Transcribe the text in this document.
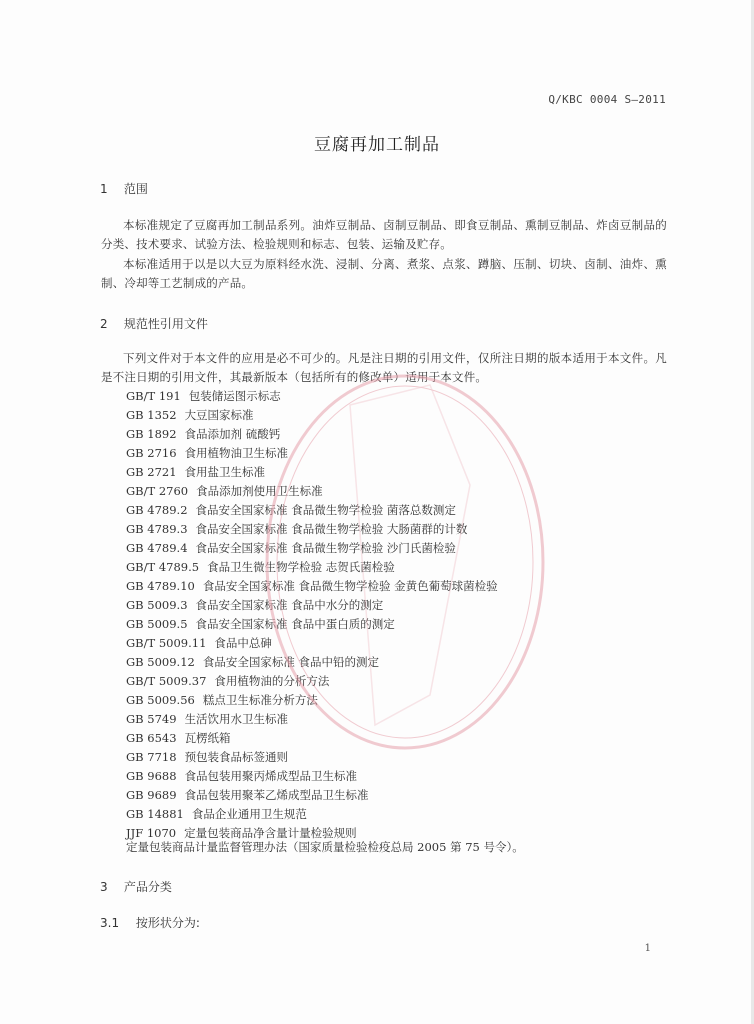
Q/KBC 0004 S—2011
豆腐再加工制品
1 范围
本标准规定了豆腐再加工制品系列。油炸豆制品、卤制豆制品、即食豆制品、熏制豆制品、炸卤豆制品的分类、技术要求、试验方法、检验规则和标志、包装、运输及贮存。
本标准适用于以是以大豆为原料经水洗、浸制、分离、煮浆、点浆、蹲脑、压制、切块、卤制、油炸、熏制、冷却等工艺制成的产品。
2 规范性引用文件
下列文件对于本文件的应用是必不可少的。凡是注日期的引用文件，仅所注日期的版本适用于本文件。凡是不注日期的引用文件，其最新版本（包括所有的修改单）适用于本文件。
GB/T 191 包装储运图示标志
GB 1352 大豆国家标准
GB 1892 食品添加剂 硫酸钙
GB 2716 食用植物油卫生标准
GB 2721 食用盐卫生标准
GB/T 2760 食品添加剂使用卫生标准
GB 4789.2 食品安全国家标准 食品微生物学检验 菌落总数测定
GB 4789.3 食品安全国家标准 食品微生物学检验 大肠菌群的计数
GB 4789.4 食品安全国家标准 食品微生物学检验 沙门氏菌检验
GB/T 4789.5 食品卫生微生物学检验 志贺氏菌检验
GB 4789.10 食品安全国家标准 食品微生物学检验 金黄色葡萄球菌检验
GB 5009.3 食品安全国家标准 食品中水分的测定
GB 5009.5 食品安全国家标准 食品中蛋白质的测定
GB/T 5009.11 食品中总砷
GB 5009.12 食品安全国家标准 食品中铅的测定
GB/T 5009.37 食用植物油的分析方法
GB 5009.56 糕点卫生标准分析方法
GB 5749 生活饮用水卫生标准
GB 6543 瓦楞纸箱
GB 7718 预包装食品标签通则
GB 9688 食品包装用聚丙烯成型品卫生标准
GB 9689 食品包装用聚苯乙烯成型品卫生标准
GB 14881 食品企业通用卫生规范
JJF 1070 定量包装商品净含量计量检验规则
定量包装商品计量监督管理办法（国家质量检验检疫总局 2005 第 75 号令）。
3 产品分类
3.1 按形状分为:
1
